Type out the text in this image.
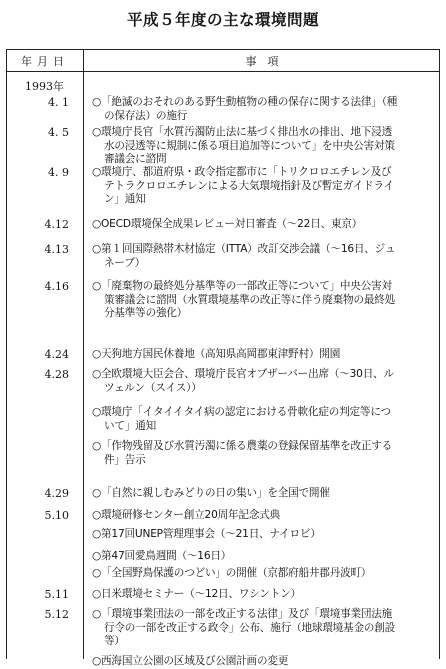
平成５年度の主な環境問題
年月日	事　項
1993年
4. 1 ○「絶滅のおそれのある野生動植物の種の保存に関する法律」（種
の保存法）の施行
4. 5 ○環境庁長官「水質汚濁防止法に基づく排出水の排出、地下浸透
水の浸透等に規制に係る項目追加等について」を中央公害対策
審議会に諮問
4. 9 ○環境庁、都道府県・政令指定都市に「トリクロロエチレン及び
テトラクロロエチレンによる大気環境指針及び暫定ガイドライ
ン」通知
4.12 ○OECD環境保全成果レビュー対日審査（～22日、東京）
4.13 ○第１回国際熱帯木材協定（ITTA）改訂交渉会議（～16日、ジュ
ネーブ）
4.16 ○「廃棄物の最終処分基準等の一部改正等について」中央公害対
策審議会に諮問（水質環境基準の改正等に伴う廃棄物の最終処
分基準等の強化）
4.24 ○天狗地方国民休養地（高知県高岡郡東津野村）開園
4.28 ○全欧環境大臣会合、環境庁長官オブザーバー出席（～30日、ル
ツェルン（スイス））
○環境庁「イタイイタイ病の認定における骨軟化症の判定等につ
いて」通知
○「作物残留及び水質汚濁に係る農薬の登録保留基準を改正する
件」告示
4.29 ○「自然に親しむみどりの日の集い」を全国で開催
5.10 ○環境研修センター創立20周年記念式典
○第17回UNEP管理理事会（～21日、ナイロビ）
○第47回愛鳥週間（～16日）
○「全国野鳥保護のつどい」の開催（京都府船井郡丹波町）
5.11 ○日米環境セミナー（～12日、ワシントン）
5.12 ○「環境事業団法の一部を改正する法律」及び「環境事業団法施
行令の一部を改正する政令」公布、施行（地球環境基金の創設
等）
○西海国立公園の区域及び公園計画の変更
